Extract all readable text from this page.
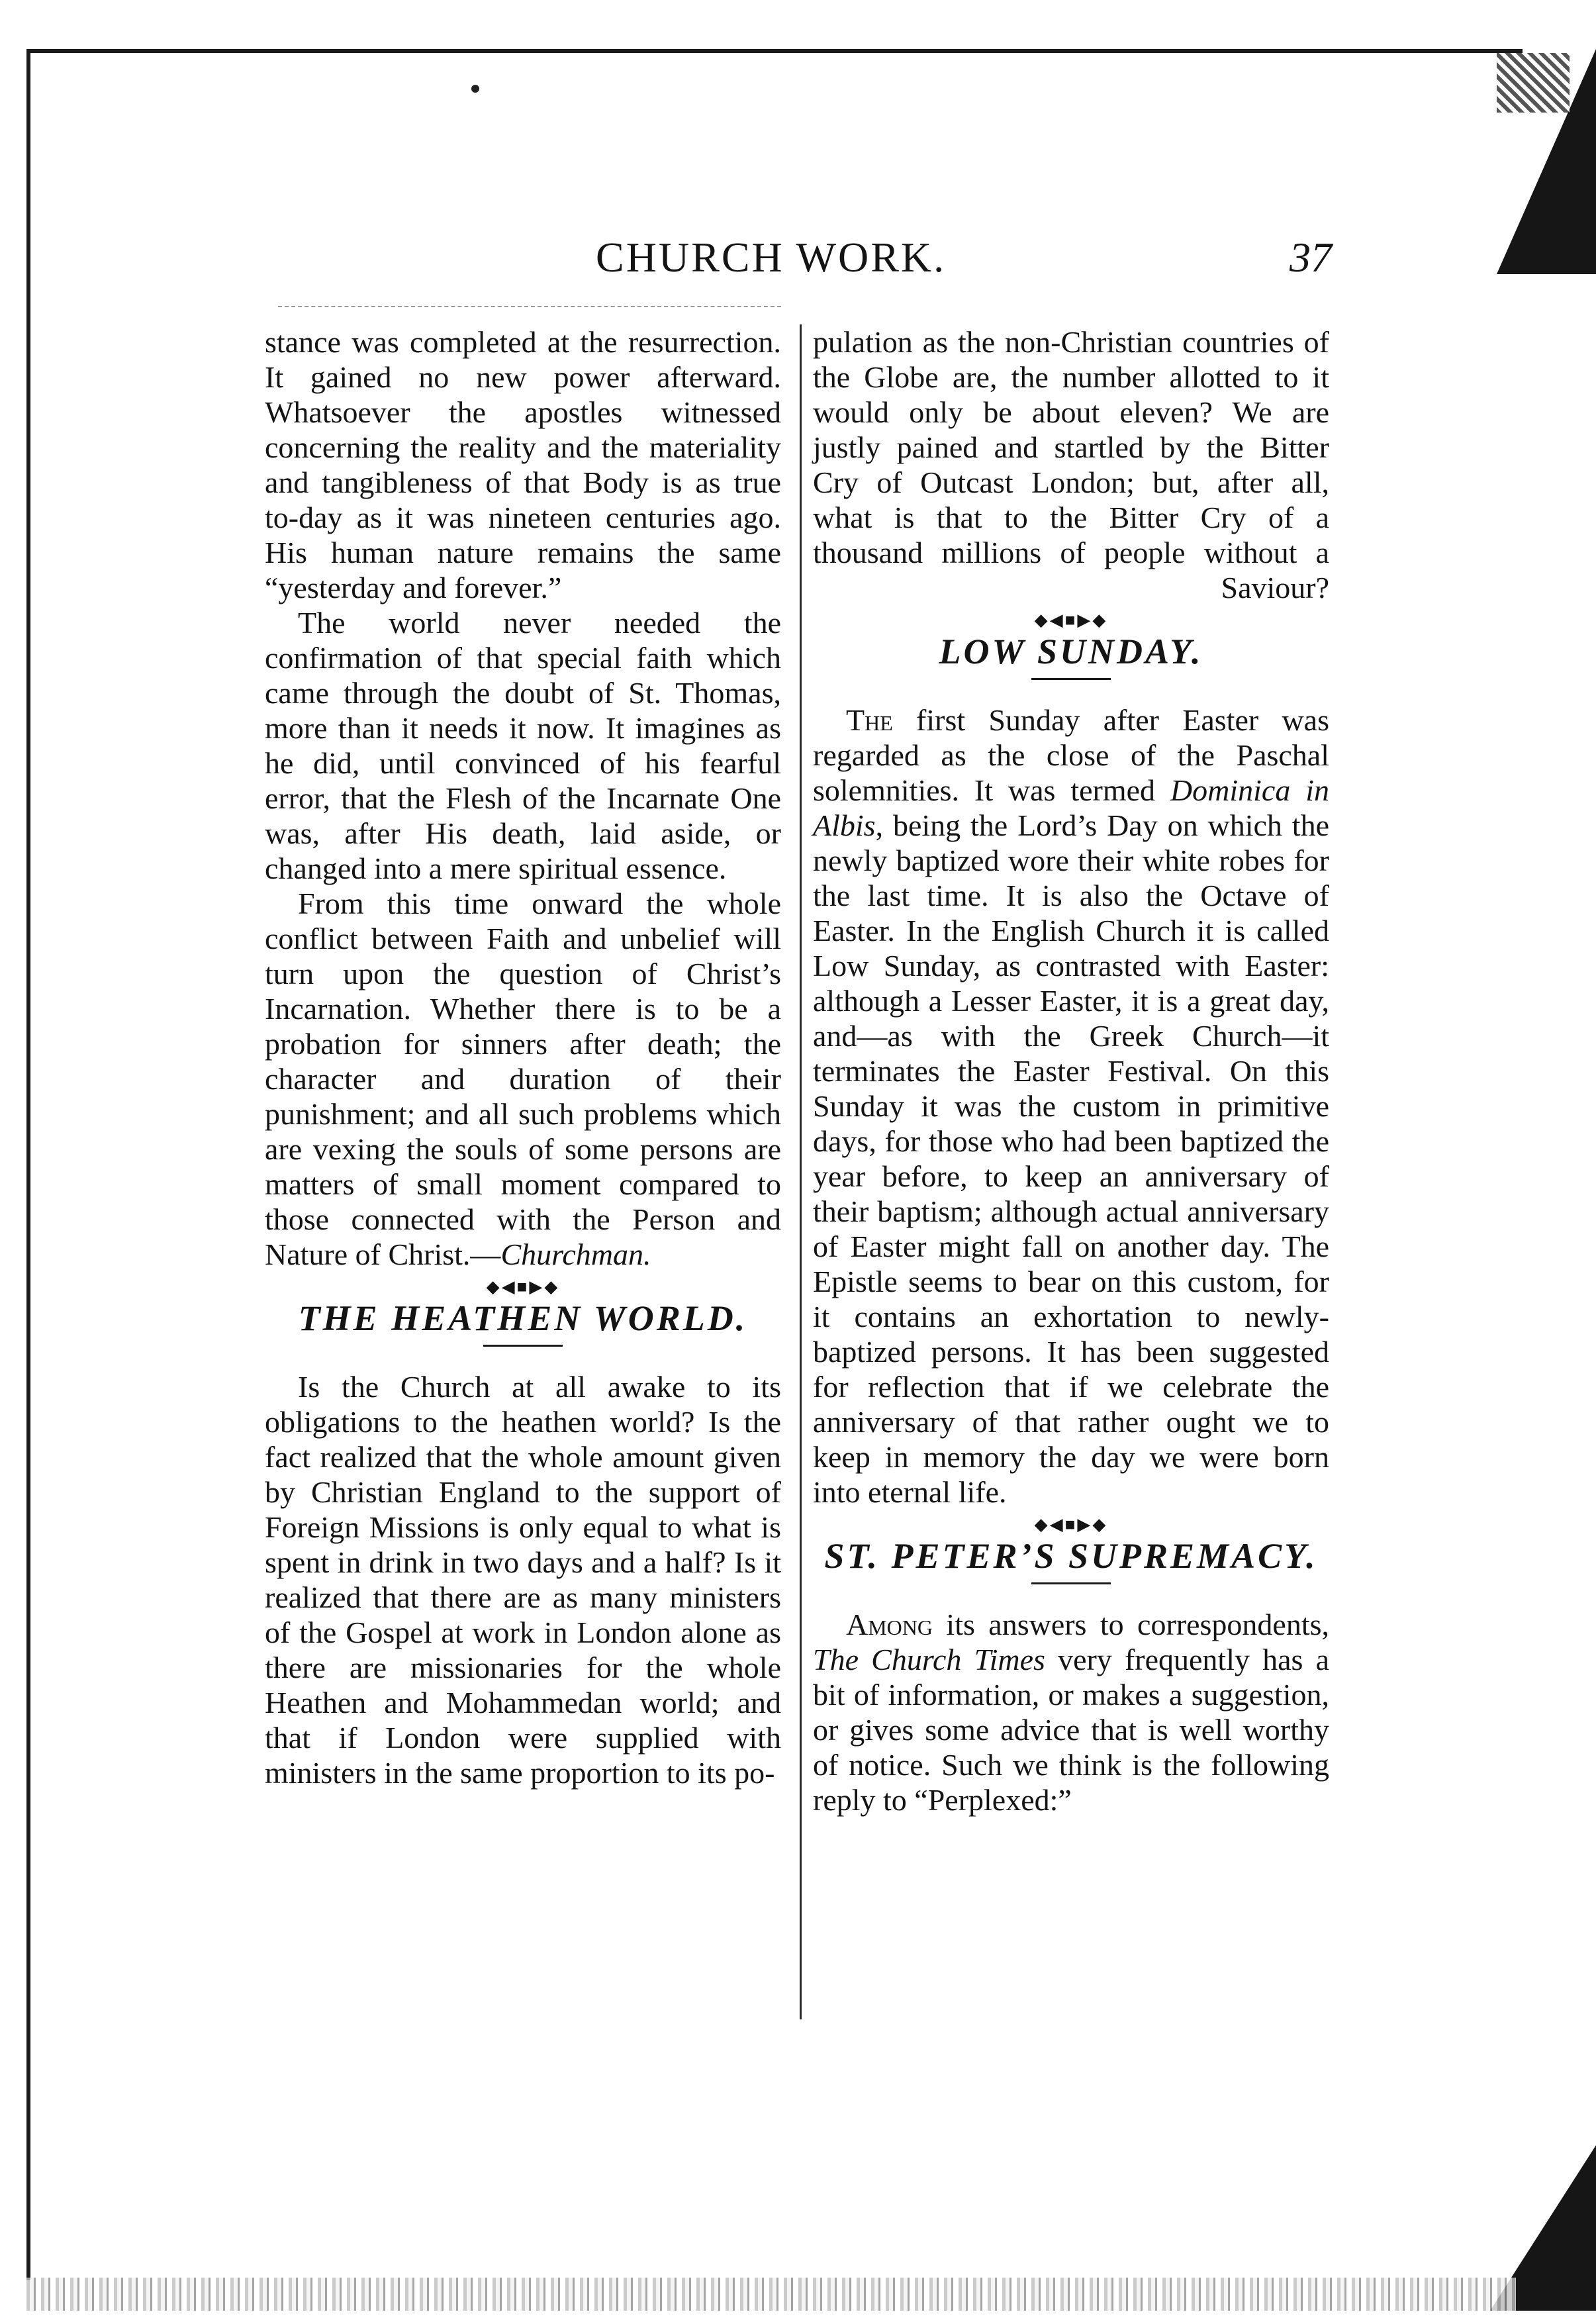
CHURCH WORK.	37

stance was completed at the resurrection. It gained no new power afterward. Whatsoever the apostles witnessed concerning the reality and the materiality and tangibleness of that Body is as true to-day as it was nineteen centuries ago. His human nature remains the same “yesterday and forever.”

The world never needed the confirmation of that special faith which came through the doubt of St. Thomas, more than it needs it now. It imagines as he did, until convinced of his fearful error, that the Flesh of the Incarnate One was, after His death, laid aside, or changed into a mere spiritual essence.

From this time onward the whole conflict between Faith and unbelief will turn upon the question of Christ’s Incarnation. Whether there is to be a probation for sinners after death; the character and duration of their punishment; and all such problems which are vexing the souls of some persons are matters of small moment compared to those connected with the Person and Nature of Christ.—Churchman.

◆◀■▶◆
THE HEATHEN WORLD.

Is the Church at all awake to its obligations to the heathen world? Is the fact realized that the whole amount given by Christian England to the support of Foreign Missions is only equal to what is spent in drink in two days and a half? Is it realized that there are as many ministers of the Gospel at work in London alone as there are missionaries for the whole Heathen and Mohammedan world; and that if London were supplied with ministers in the same proportion to its po-

pulation as the non-Christian countries of the Globe are, the number allotted to it would only be about eleven? We are justly pained and startled by the Bitter Cry of Outcast London; but, after all, what is that to the Bitter Cry of a thousand millions of people without a Saviour?

◆◀■▶◆
LOW SUNDAY.

The first Sunday after Easter was regarded as the close of the Paschal solemnities. It was termed Dominica in Albis, being the Lord’s Day on which the newly baptized wore their white robes for the last time. It is also the Octave of Easter. In the English Church it is called Low Sunday, as contrasted with Easter: although a Lesser Easter, it is a great day, and—as with the Greek Church—it terminates the Easter Festival. On this Sunday it was the custom in primitive days, for those who had been baptized the year before, to keep an anniversary of their baptism; although actual anniversary of Easter might fall on another day. The Epistle seems to bear on this custom, for it contains an exhortation to newly-baptized persons. It has been suggested for reflection that if we celebrate the anniversary of that rather ought we to keep in memory the day we were born into eternal life.

◆◀■▶◆
ST. PETER’S SUPREMACY.

Among its answers to correspondents, The Church Times very frequently has a bit of information, or makes a suggestion, or gives some advice that is well worthy of notice. Such we think is the following reply to “Perplexed:”
